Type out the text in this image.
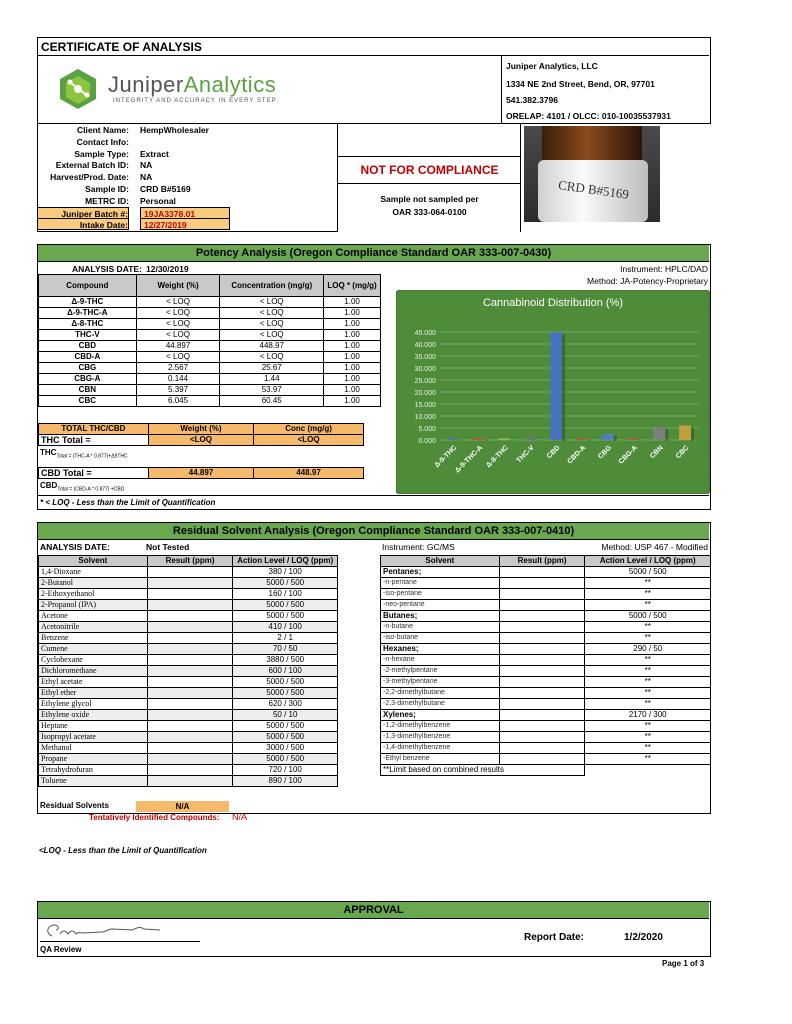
CERTIFICATE OF ANALYSIS
JuniperAnalytics
INTEGRITY AND ACCURACY IN EVERY STEP
Juniper Analytics, LLC
1334 NE 2nd Street, Bend, OR, 97701
541.382.3796
ORELAP: 4101 / OLCC: 010-10035537931
Client Name: HempWholesaler
Contact Info:
Sample Type: Extract
External Batch ID: NA
Harvest/Prod. Date: NA
Sample ID: CRD B#5169
METRC ID: Personal
Juniper Batch #:	19JA3378.01
Intake Date:	12/27/2019
NOT FOR COMPLIANCE
Sample not sampled per
OAR 333-064-0100
CRD B#5169
Potency Analysis (Oregon Compliance Standard OAR 333-007-0430)
ANALYSIS DATE: 12/30/2019	Instrument: HPLC/DAD
Method: JA-Potency-Proprietary
Compound	Weight (%)	Concentration (mg/g)	LOQ * (mg/g)
Δ-9-THC	< LOQ	< LOQ	1.00
Δ-9-THC-A	< LOQ	< LOQ	1.00
Δ-8-THC	< LOQ	< LOQ	1.00
THC-V	< LOQ	< LOQ	1.00
CBD	44.897	448.97	1.00
CBD-A	< LOQ	< LOQ	1.00
CBG	2.567	25.67	1.00
CBG-A	0.144	1.44	1.00
CBN	5.397	53.97	1.00
CBC	6.045	60.45	1.00
TOTAL THC/CBD	Weight (%)	Conc (mg/g)
THC Total =	<LOQ	<LOQ
$THC_{Total = (THC-A * 0.877)+\Delta 9THC}$
CBD Total =	44.897	448.97
$CBD_{Total = (CBD-A * 0.877) +CBD}$
* < LOQ - Less than the Limit of Quantification
Cannabinoid Distribution (%)
0.000
5.000
10.000
15.000
20.000
25.000
30.000
35.000
40.000
45.000
Δ-9-THC
Δ-9-THC-A Δ-8-THC THC-V CBD CBD-A CBG CBG-A CBN CBC
Residual Solvent Analysis (Oregon Compliance Standard OAR 333-007-0410)
ANALYSIS DATE:	Not Tested	Instrument: GC/MS	Method: USP 467 - Modified
Solvent	Result (ppm)	Action Level / LOQ (ppm)
1,4-Dioxane		380 / 100
2-Butanol		5000 / 500
2-Ethoxyethanol		160 / 100
2-Propanol (IPA)		5000 / 500
Acetone		5000 / 500
Acetonitrile		410 / 100
Benzene		2 / 1
Cumene		70 / 50
Cyclohexane		3880 / 500
Dichloromethane		600 / 100
Ethyl acetate		5000 / 500
Ethyl ether		5000 / 500
Ethylene glycol		620 / 300
Ethylene oxide		50 / 10
Heptane		5000 / 500
Isopropyl acetate		5000 / 500
Methanol		3000 / 500
Propane		5000 / 500
Tetrahydrofuran		720 / 100
Toluene		890 / 100
Solvent	Result (ppm)	Action Level / LOQ (ppm)
Pentanes;		5000 / 500
-n-pentane		**
-iso-pentane		**
-neo-pentane		**
Butanes;		5000 / 500
-n-butane		**
-iso-butane		**
Hexanes;		290 / 50
-n-hexane		**
-2-methylpentane		**
-3-methylpentane		**
-2,2-dimethylbutane		**
-2,3-dimethylbutane		**
Xylenes;		2170 / 300
-1,2-dimethylbenzene		**
-1,3-dimethylbenzene		**
-1,4-dimethylbenzene		**
-Ethyl benzene		**
**Limit based on combined results		
Residual Solvents	N/A
Tentatively Identified Compounds: N/A
<LOQ - Less than the Limit of Quantification
APPROVAL
QA Review
Report Date:	1/2/2020
Page 1 of 3
